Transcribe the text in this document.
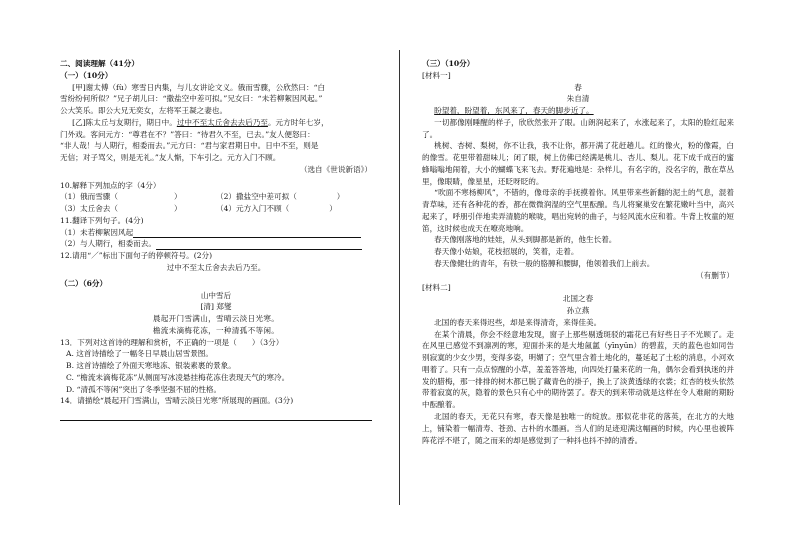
二、阅读理解（41分）

（一）（10分）

[甲]谢太傅（fù）寒雪日内集，与儿女讲论文义。俄而雪骤，公欣然曰：“白

雪纷纷何所似？”兄子胡儿曰：“撒盐空中差可拟。”兄女曰：“未若柳絮因风起。”

公大笑乐。即公大兄无奕女，左将军王凝之妻也。

[乙]陈太丘与友期行，期日中。过中不至太丘舍去去后乃至。元方时年七岁，

门外戏。客问元方：“尊君在不？”答曰：“待君久不至，已去。”友人便怒曰：

“非人哉！与人期行，相委而去。”元方曰：“君与家君期日中。日中不至，则是

无信；对子骂父，则是无礼。”友人惭，下车引之。元方入门不顾。

（选自《世说新语》）

10.解释下列加点的字（4分）

（1）俄而雪骤（	）	（2）撒盐空中差可拟（	）
（3）太丘舍去（	）	（4）元方入门不顾（	）

11.翻译下列句子。(4分)

（1）未若柳絮因风起

（2）与人期行，相委而去。

12.请用“／”标出下面句子的停顿符号。(2分)

过中不至太丘舍去去后乃至。

（二）（6分）

山中雪后

[清] 郑燮

晨起开门雪满山，雪晴云淡日光寒。

檐流未滴梅花冻，一种清孤不等闲。

13．下列对这首诗的理解和赏析，不正确的一项是（　　）（3分）

A. 这首诗描绘了一幅冬日早晨山居雪景图。

B. 这首诗描绘了外面天寒地冻、银装素裹的景象。

C. “檐流未滴梅花冻”从侧面写冰凌悬挂梅花冻住表现天气的寒冷。

D. “清孤不等闲”突出了冬季坚强不屈的性格。

14．请描绘“晨起开门雪满山，雪晴云淡日光寒”所展现的画面。(3分)

（三）（10分）

[材料一]

春

朱自清

盼望着，盼望着，东风来了，春天的脚步近了。

一切都像刚睡醒的样子，欣欣然张开了眼。山朗润起来了，水涨起来了，太阳的脸红起来了。

桃树、杏树、梨树，你不让我，我不让你，都开满了花赶趟儿。红的像火，粉的像霞，白的像雪。花里带着甜味儿；闭了眼，树上仿佛已经满是桃儿、杏儿、梨儿。花下成千成百的蜜蜂嗡嗡地闹着，大小的蝴蝶飞来飞去。野花遍地是：杂样儿，有名字的，没名字的，散在草丛里，像眼睛，像星星，还眨呀眨的。

“吹面不寒杨柳风”，不错的，像母亲的手抚摸着你。风里带来些新翻的泥土的气息，混着青草味，还有各种花的香，都在微微润湿的空气里酝酿。鸟儿将窠巢安在繁花嫩叶当中，高兴起来了，呼朋引伴地卖弄清脆的喉咙，唱出宛转的曲子，与轻风流水应和着。牛背上牧童的短笛，这时候也成天在嘹亮地响。

春天像刚落地的娃娃，从头到脚都是新的，他生长着。

春天像小姑娘，花枝招展的，笑着，走着。

春天像健壮的青年，有铁一般的胳膊和腰脚，他领着我们上前去。

（有删节）

[材料二]

北国之春

孙立燕

北国的春天来得迟些，却是来得清奇，来得佳美。

在某个清晨，你会不经意地发现，窗子上那些剔透斑驳的霜花已有好些日子不光顾了。走在风里已感觉不到凛冽的寒，迎面扑来的是大地氤氲（yīnyūn）的碧蓝，天的蓝色也如同告别寂寞的少女少男，变得多姿，明媚了；空气里含着土地化的，蔓延起了土松的消息，小河欢唱着了。只有一点点惊醒的小草，羞羞答答地，向四处打量来花的一角，偶尔会看到执迷的并发的腊梅，那一排排的树木都已脱了藏青色的褂子，换上了淡黄透绿的衣裳；红杏的枝头依然带着寂寞的灰，隐着的景色只有心中的期待罢了。春天的到来带动就是这样在令人难耐的期盼中酝酿着。

北国的春天，无花只有寒，春天像是独唯一的绽放。那似花非花的落英，在北方的大地上，铺染着一幅清寿、苍劲、古朴的水墨画。当人们的足迹迎满这幅画的时候，内心里也被阵阵花浮不堪了，随之而来的却是感觉到了一种抖也抖不掉的清香。
